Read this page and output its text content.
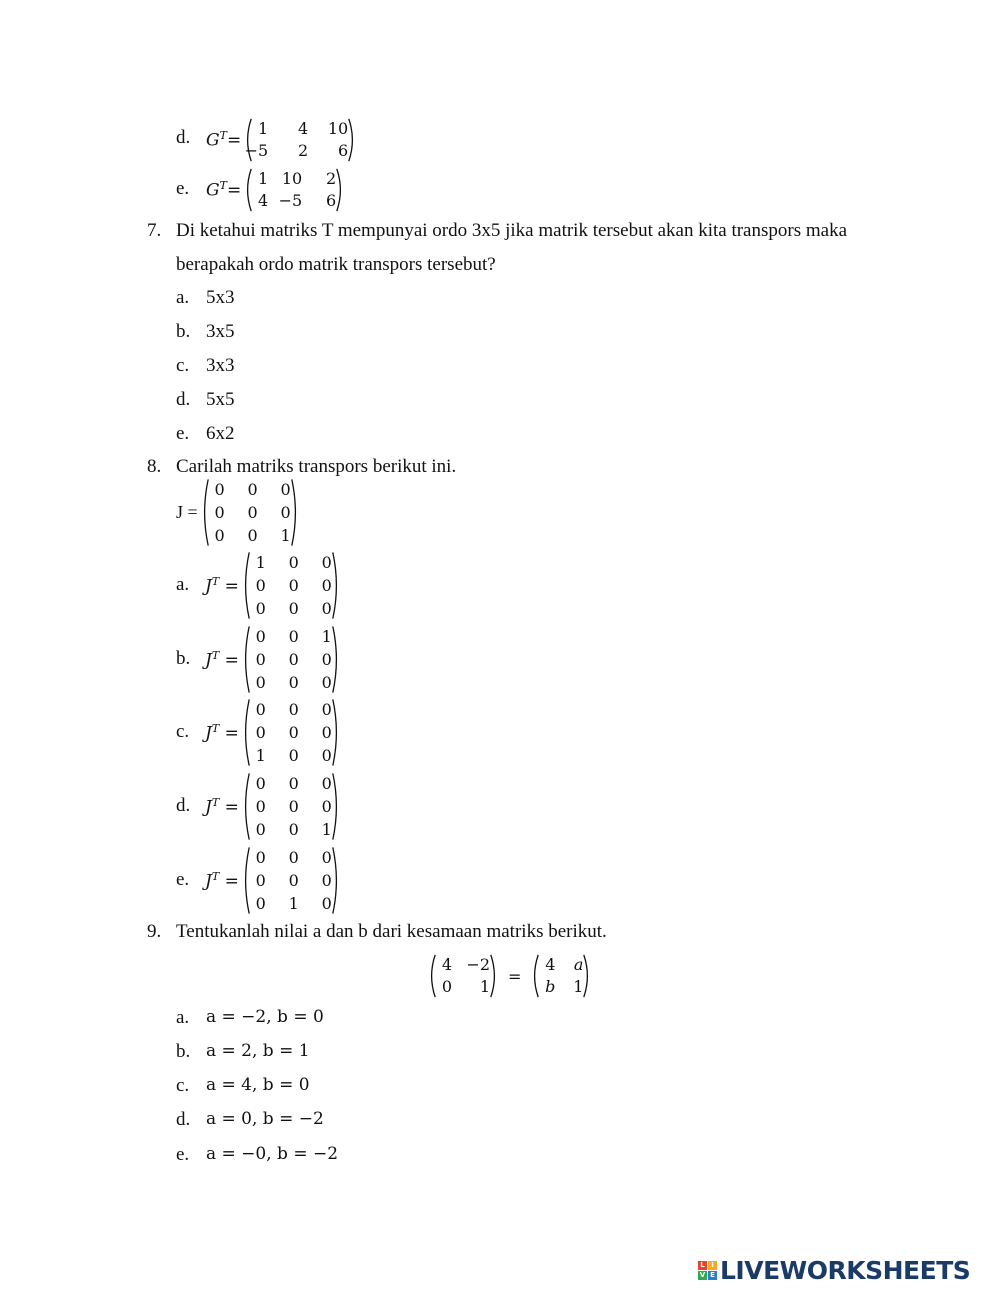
d. $G^T=$
1	4	10
−5	2	6
e. $G^T=$
1 10	2
4 −5	6
7. Di ketahui matriks T mempunyai ordo 3x5 jika matrik tersebut akan kita transpors maka
berapakah ordo matrik transpors tersebut?
a. 5x3
b. 3x5
c. 3x3
d. 5x5
e. 6x2
8. Carilah matriks transpors berikut ini.
J =
0	0	0
0	0	0
0	0	1
a. $J^T$ =
1	0	0
0	0	0
0	0	0
b. $J^T$ =
0	0	1
0	0	0
0	0	0
c. $J^T$ =
0	0	0
0	0	0
1	0	0
d. $J^T$ =
0	0	0
0	0	0
0	0	1
e. $J^T$ =
0	0	0
0	0	0
0	1	0
9. Tentukanlah nilai a dan b dari kesamaan matriks berikut.
4 −2
0	1
=
4	a
b	1
a. a = −2, b = 0
b. a = 2, b = 1
c. a = 4, b = 0
d. a = 0, b = −2
e. a = −0, b = −2
L I
V E LIVEWORKSHEETS
